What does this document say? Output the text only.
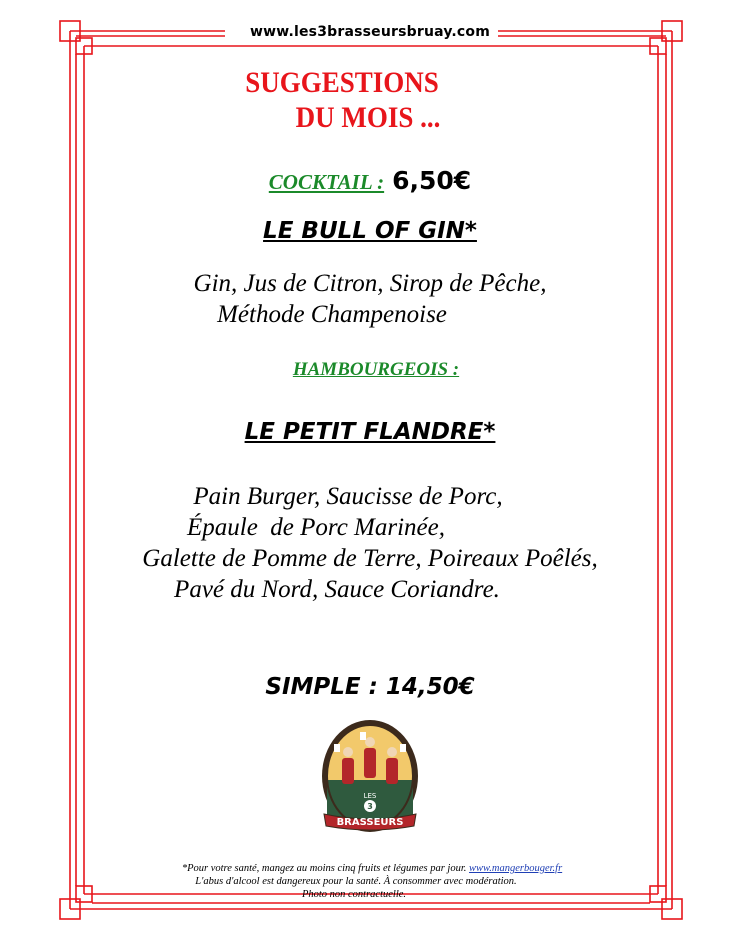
www.les3brasseursbruay.com
SUGGESTIONS
DU MOIS ...
COCKTAIL : 6,50€
LE BULL OF GIN*
Gin, Jus de Citron, Sirop de Pêche,
Méthode Champenoise
HAMBOURGEOIS :
LE PETIT FLANDRE*
Pain Burger, Saucisse de Porc,
Épaule  de Porc Marinée,
Galette de Pomme de Terre, Poireaux Poêlés,
Pavé du Nord, Sauce Coriandre.
SIMPLE : 14,50€
LES
3
BRASSEURS
*Pour votre santé, mangez au moins cinq fruits et légumes par jour. www.mangerbouger.fr
L'abus d'alcool est dangereux pour la santé. À consommer avec modération.
Photo non contractuelle.
